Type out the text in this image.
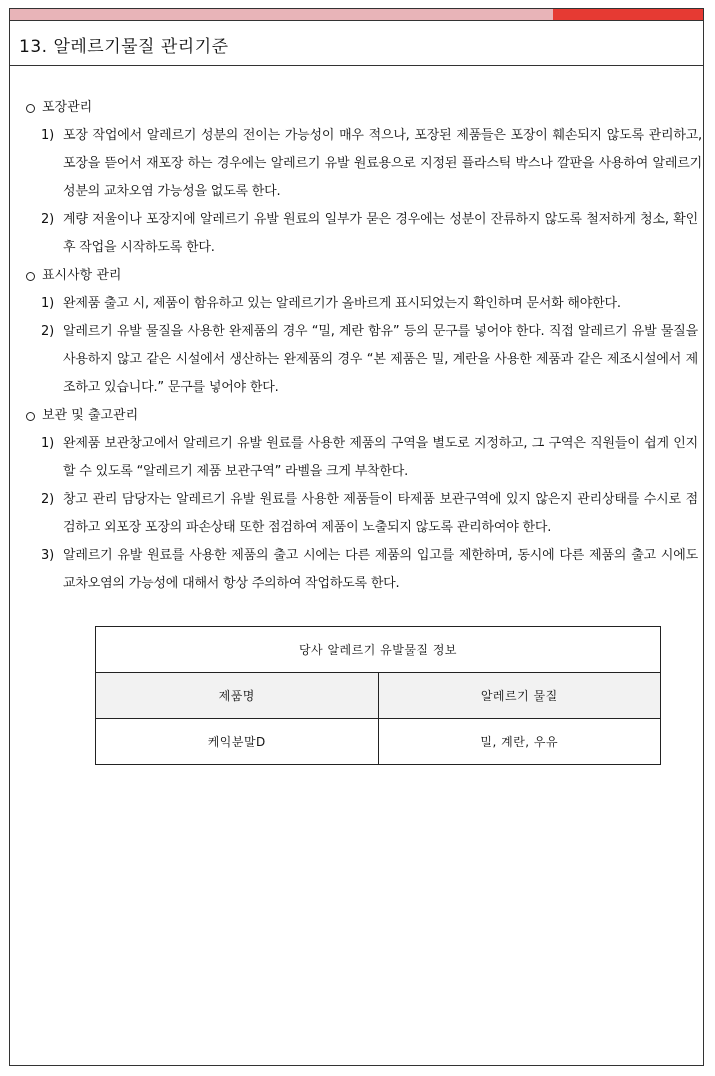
13. 알레르기물질 관리기준
포장관리
1) 포장 작업에서 알레르기 성분의 전이는 가능성이 매우 적으나, 포장된 제품들은 포장이 훼손되지 않도록 관리하고, 포장을 뜯어서 재포장 하는 경우에는 알레르기 유발 원료용으로 지정된 플라스틱 박스나 깔판을 사용하여 알레르기 성분의 교차오염 가능성을 없도록 한다.
2) 계량 저울이나 포장지에 알레르기 유발 원료의 일부가 묻은 경우에는 성분이 잔류하지 않도록 철저하게 청소, 확인 후 작업을 시작하도록 한다.
표시사항 관리
1) 완제품 출고 시, 제품이 함유하고 있는 알레르기가 올바르게 표시되었는지 확인하며 문서화 해야한다.
2) 알레르기 유발 물질을 사용한 완제품의 경우 “밀, 계란 함유” 등의 문구를 넣어야 한다. 직접 알레르기 유발 물질을 사용하지 않고 같은 시설에서 생산하는 완제품의 경우 “본 제품은 밀, 계란을 사용한 제품과 같은 제조시설에서 제조하고 있습니다.” 문구를 넣어야 한다.
보관 및 출고관리
1) 완제품 보관창고에서 알레르기 유발 원료를 사용한 제품의 구역을 별도로 지정하고, 그 구역은 직원들이 쉽게 인지할 수 있도록 “알레르기 제품 보관구역” 라벨을 크게 부착한다.
2) 창고 관리 담당자는 알레르기 유발 원료를 사용한 제품들이 타제품 보관구역에 있지 않은지 관리상태를 수시로 점검하고 외포장 포장의 파손상태 또한 점검하여 제품이 노출되지 않도록 관리하여야 한다.
3) 알레르기 유발 원료를 사용한 제품의 출고 시에는 다른 제품의 입고를 제한하며, 동시에 다른 제품의 출고 시에도 교차오염의 가능성에 대해서 항상 주의하여 작업하도록 한다.
당사 알레르기 유발물질 정보	
제품명	알레르기 물질
케익분말D	밀, 계란, 우유
